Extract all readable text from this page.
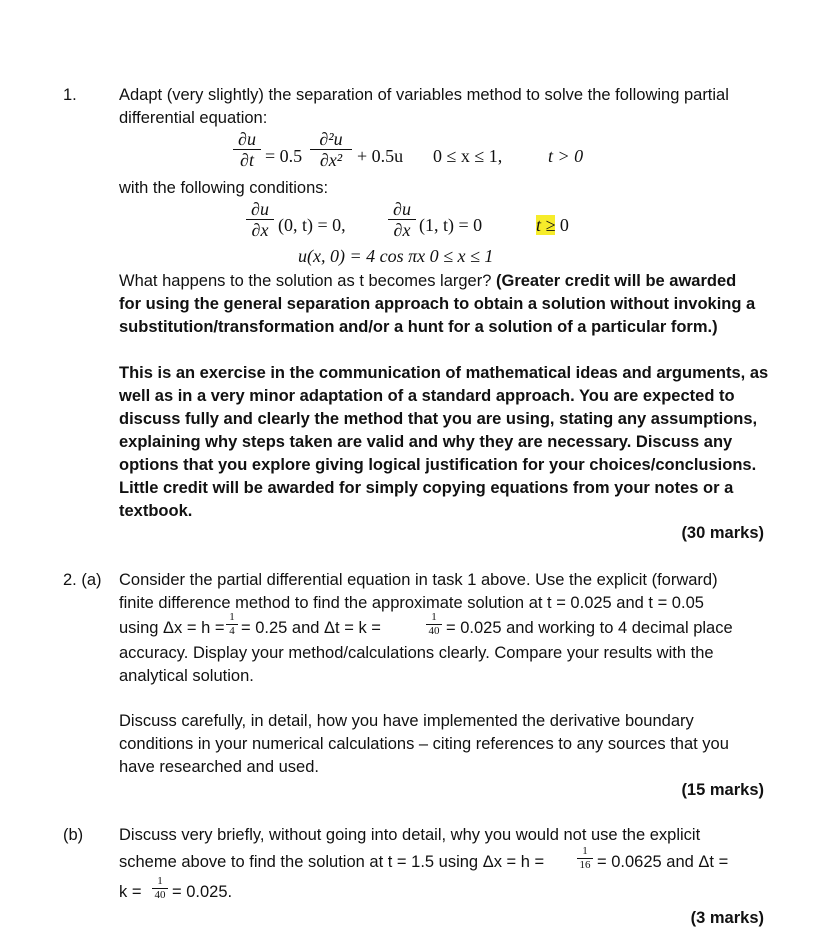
1.	Adapt (very slightly) the separation of variables method to solve the following partial
differential equation:
∂u
∂t = 0.5
∂²u
∂x² + 0.5u 0 ≤ x ≤ 1,	t > 0
with the following conditions:
∂u
∂x (0, t) = 0,
∂u
∂x (1, t) = 0	t ≥ 0
u(x, 0) = 4 cos πx 0 ≤ x ≤ 1
What happens to the solution as t becomes larger? (Greater credit will be awarded
for using the general separation approach to obtain a solution without invoking a
substitution/transformation and/or a hunt for a solution of a particular form.)
This is an exercise in the communication of mathematical ideas and arguments, as
well as in a very minor adaptation of a standard approach. You are expected to
discuss fully and clearly the method that you are using, stating any assumptions,
explaining why steps taken are valid and why they are necessary. Discuss any
options that you explore giving logical justification for your choices/conclusions.
Little credit will be awarded for simply copying equations from your notes or a
textbook.
(30 marks)
2. (a) Consider the partial differential equation in task 1 above. Use the explicit (forward)
finite difference method to find the approximate solution at t = 0.025 and t = 0.05
using Δx = h =
1
4 = 0.25 and Δt = k =
1
40 = 0.025 and working to 4 decimal place
accuracy. Display your method/calculations clearly. Compare your results with the
analytical solution.
Discuss carefully, in detail, how you have implemented the derivative boundary
conditions in your numerical calculations – citing references to any sources that you
have researched and used.
(15 marks)
(b) Discuss very briefly, without going into detail, why you would not use the explicit
scheme above to find the solution at t = 1.5 using Δx = h =
1
16 = 0.0625 and Δt =
k =
1
40 = 0.025.
(3 marks)
